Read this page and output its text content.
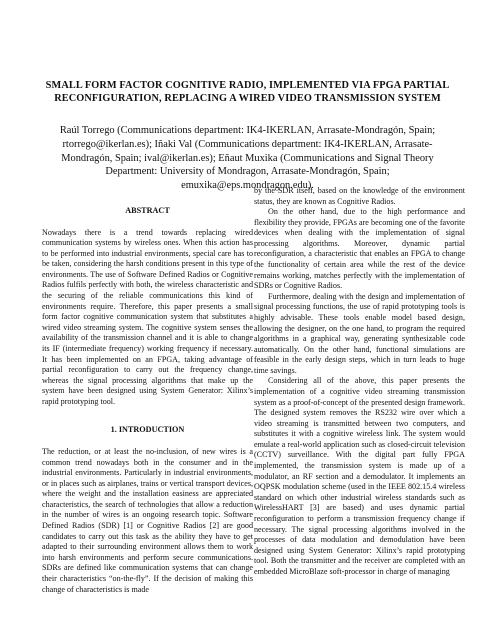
SMALL FORM FACTOR COGNITIVE RADIO, IMPLEMENTED VIA FPGA PARTIAL RECONFIGURATION, REPLACING A WIRED VIDEO TRANSMISSION SYSTEM
Raúl Torrego (Communications department: IK4-IKERLAN, Arrasate-Mondragón, Spain; rtorrego@ikerlan.es); Iñaki Val (Communications department: IK4-IKERLAN, Arrasate-Mondragón, Spain; ival@ikerlan.es); Eñaut Muxika (Communications and Signal Theory Department: University of Mondragon, Arrasate-Mondragón, Spain; emuxika@eps.mondragon.edu).
ABSTRACT

Nowadays there is a trend towards replacing wired communication systems by wireless ones. When this action has to be performed into industrial environments, special care has to be taken, considering the harsh conditions present in this type of environments. The use of Software Defined Radios or Cognitive Radios fulfils perfectly with both, the wireless characteristic and the securing of the reliable communications this kind of environments require. Therefore, this paper presents a small form factor cognitive communication system that substitutes a wired video streaming system. The cognitive system senses the availability of the transmission channel and it is able to change its IF (intermediate frequency) working frequency if necessary. It has been implemented on an FPGA, taking advantage of partial reconfiguration to carry out the frequency change, whereas the signal processing algorithms that make up the system have been designed using System Generator: Xilinx’s rapid prototyping tool.

1. INTRODUCTION

The reduction, or at least the no-inclusion, of new wires is a common trend nowadays both in the consumer and in the industrial environments. Particularly in industrial environments, or in places such as airplanes, trains or vertical transport devices, where the weight and the installation easiness are appreciated characteristics, the search of technologies that allow a reduction in the number of wires is an ongoing research topic. Software Defined Radios (SDR) [1] or Cognitive Radios [2] are good candidates to carry out this task as the ability they have to get adapted to their surrounding environment allows them to work into harsh environments and perform secure communications. SDRs are defined like communication systems that can change their characteristics “on-the-fly”. If the decision of making this change of characteristics is made

by the SDR itself, based on the knowledge of the environment status, they are known as Cognitive Radios.

On the other hand, due to the high performance and flexibility they provide, FPGAs are becoming one of the favorite devices when dealing with the implementation of signal processing algorithms. Moreover, dynamic partial reconfiguration, a characteristic that enables an FPGA to change the functionality of certain area while the rest of the device remains working, matches perfectly with the implementation of SDRs or Cognitive Radios.

Furthermore, dealing with the design and implementation of signal processing functions, the use of rapid prototyping tools is highly advisable. These tools enable model based design, allowing the designer, on the one hand, to program the required algorithms in a graphical way, generating synthesizable code automatically. On the other hand, functional simulations are feasible in the early design steps, which in turn leads to huge time savings.

Considering all of the above, this paper presents the implementation of a cognitive video streaming transmission system as a proof-of-concept of the presented design framework. The designed system removes the RS232 wire over which a video streaming is transmitted between two computers, and substitutes it with a cognitive wireless link. The system would emulate a real-world application such as closed-circuit television (CCTV) surveillance. With the digital part fully FPGA implemented, the transmission system is made up of a modulator, an RF section and a demodulator. It implements an OQPSK modulation scheme (used in the IEEE 802.15.4 wireless standard on which other industrial wireless standards such as WirelessHART [3] are based) and uses dynamic partial reconfiguration to perform a transmission frequency change if necessary. The signal processing algorithms involved in the processes of data modulation and demodulation have been designed using System Generator: Xilinx’s rapid prototyping tool. Both the transmitter and the receiver are completed with an embedded MicroBlaze soft-processor in charge of managing
